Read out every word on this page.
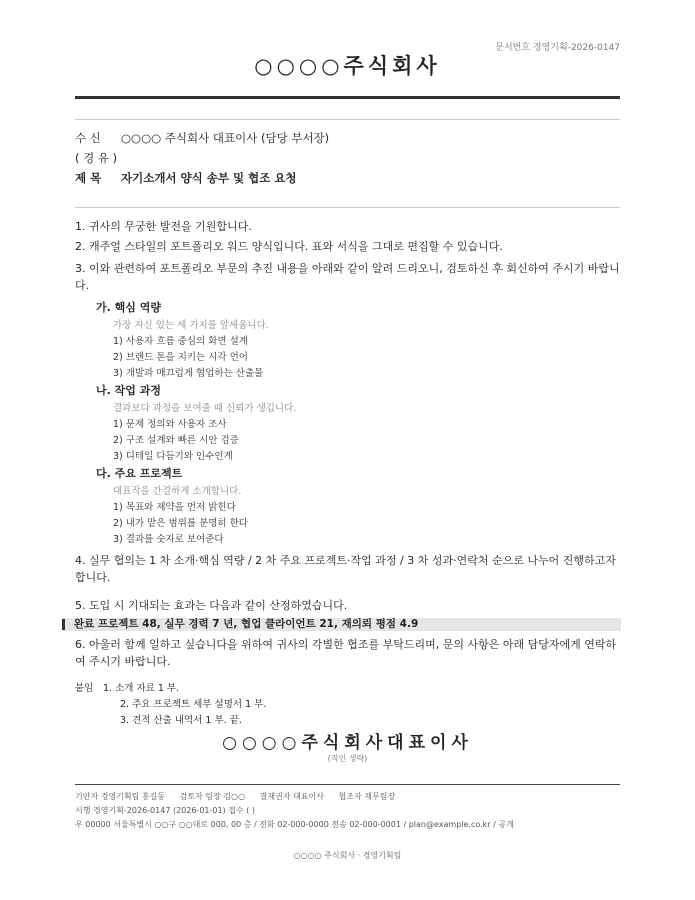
문서번호 경영기획-2026-0147
○○○○주식회사
수 신 ○○○○ 주식회사 대표이사 (담당 부서장)
( 경 유 )
제 목 자기소개서 양식 송부 및 협조 요청
1. 귀사의 무궁한 발전을 기원합니다.
2. 캐주얼 스타일의 포트폴리오 워드 양식입니다. 표와 서식을 그대로 편집할 수 있습니다.
3. 이와 관련하여 포트폴리오 부문의 추진 내용을 아래와 같이 알려 드리오니, 검토하신 후 회신하여 주시기 바랍니다.
가. 핵심 역량
가장 자신 있는 세 가지를 앞세웁니다.
1) 사용자 흐름 중심의 화면 설계
2) 브랜드 톤을 지키는 시각 언어
3) 개발과 매끄럽게 협업하는 산출물
나. 작업 과정
결과보다 과정을 보여줄 때 신뢰가 생깁니다.
1) 문제 정의와 사용자 조사
2) 구조 설계와 빠른 시안 검증
3) 디테일 다듬기와 인수인계
다. 주요 프로젝트
대표작을 간결하게 소개합니다.
1) 목표와 제약을 먼저 밝힌다
2) 내가 맡은 범위를 분명히 한다
3) 결과를 숫자로 보여준다
4. 실무 협의는 1 차 소개·핵심 역량 / 2 차 주요 프로젝트·작업 과정 / 3 차 성과·연락처 순으로 나누어 진행하고자 합니다.
5. 도입 시 기대되는 효과는 다음과 같이 산정하였습니다.
완료 프로젝트 48, 실무 경력 7 년, 협업 클라이언트 21, 재의뢰 평점 4.9
6. 아울러 함께 일하고 싶습니다을 위하여 귀사의 각별한 협조를 부탁드리며, 문의 사항은 아래 담당자에게 연락하여 주시기 바랍니다.
붙임 1. 소개 자료 1 부.
2. 주요 프로젝트 세부 설명서 1 부.
3. 견적 산출 내역서 1 부. 끝.
○○○○주식회사대표이사
(직인 생략)
기안자 경영기획팀 홍길동 검토자 팀장 김○○ 결재권자 대표이사 협조자 재무팀장
시행 경영기획-2026-0147 (2026-01-01) 접수 ( )
우 00000 서울특별시 ○○구 ○○대로 000, 00 층 / 전화 02-000-0000 전송 02-000-0001 / plan@example.co.kr / 공개
○○○○ 주식회사 · 경영기획팀
